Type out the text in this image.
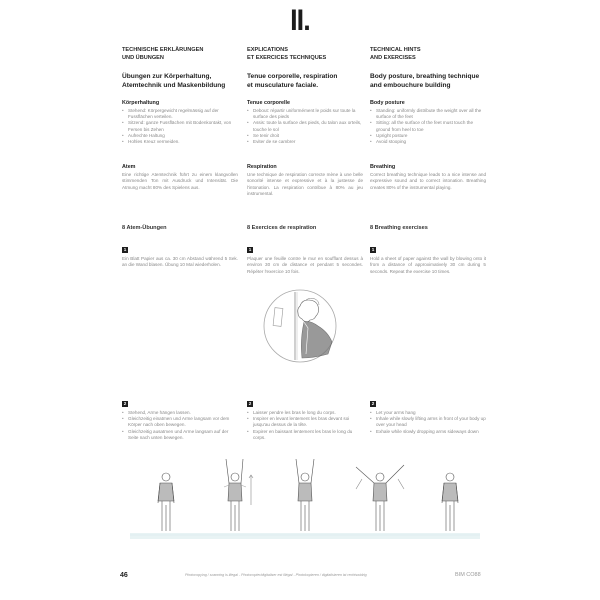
II.
TECHNISCHE ERKLÄRUNGEN
UND ÜBUNGEN
Übungen zur Körperhaltung,
Atemtechnik und Maskenbildung
Körperhaltung
• Stehend: Körpergewicht regelmässig auf der Fussflächen verteilen.
• Sitzend: ganze Fussflächen mit Bodenkontakt, von Fersen bis Zehen
• Aufrechte Haltung
• Hohles Kreuz vermeiden.
Atem

Eine richtige Atemtechnik führt zu einem klangvollen stimmenden Ton mit Ausdruck und Intensität. Die Atmung macht 80% des Spielens aus.

8 Atem-Übungen
1

Ein Blatt Papier aus ca. 30 cm Abstand während 5 Sek. an die Wand blasen. Übung 10 Mal wiederholen.

2
• Stehend, Arme hängen lassen.
• Gleichzeitig einatmen und Arme langsam vor dem Körper nach oben bewegen.
• Gleichzeitig ausatmen und Arme langsam auf der Seite nach unten bewegen.
EXPLICATIONS
ET EXERCICES TECHNIQUES
Tenue corporelle, respiration
et musculature faciale.
Tenue corporelle
• Debout: répartir uniformément le poids sur toute la surface des pieds
• Assis: toute la surface des pieds, du talon aux orteils, touche le sol
• Se tenir droit
• Eviter de se cambrer
Respiration

Une technique de respiration correcte mène à une belle sonorité intense et expressive et à la justesse de l'intonation. La respiration contribue à 80% au jeu instrumental.

8 Exercices de respiration
1

Plaquer une feuille contre le mur en soufflant dessus à environ 30 cm de distance et pendant 5 secondes. Répéter l'exercice 10 fois.

2
• Laisser pendre les bras le long du corps.
• Inspirer en levant lentement les bras devant soi jusqu'au dessus de la tête.
• Expirer en baissant lentement les bras le long du corps.
TECHNICAL HINTS
AND EXERCISES
Body posture, breathing technique
and embouchure building
Body posture
• Standing: uniformly distribute the weight over all the surface of the feet
• Sitting: all the surface of the feet must touch the ground from heel to toe
• Upright posture
• Avoid stooping
Breathing

Correct breathing technique leads to a nice intense and expressive sound and to correct intonation. Breathing creates 80% of the instrumental playing.

8 Breathing exercises
1

Hold a sheet of paper against the wall by blowing onto it from a distance of approximatively 30 cm during 5 seconds. Repeat the exercise 10 times.

2
• Let your arms hang
• Inhale while slowly lifting arms in front of your body up over your head
• Exhale while slowly dropping arms sideways down
46	Photocopying / scanning is illegal - Photocopier/digitaliser est illégal - Photokopieren / digitalisieren ist rechtswidrig	BIM CO88
